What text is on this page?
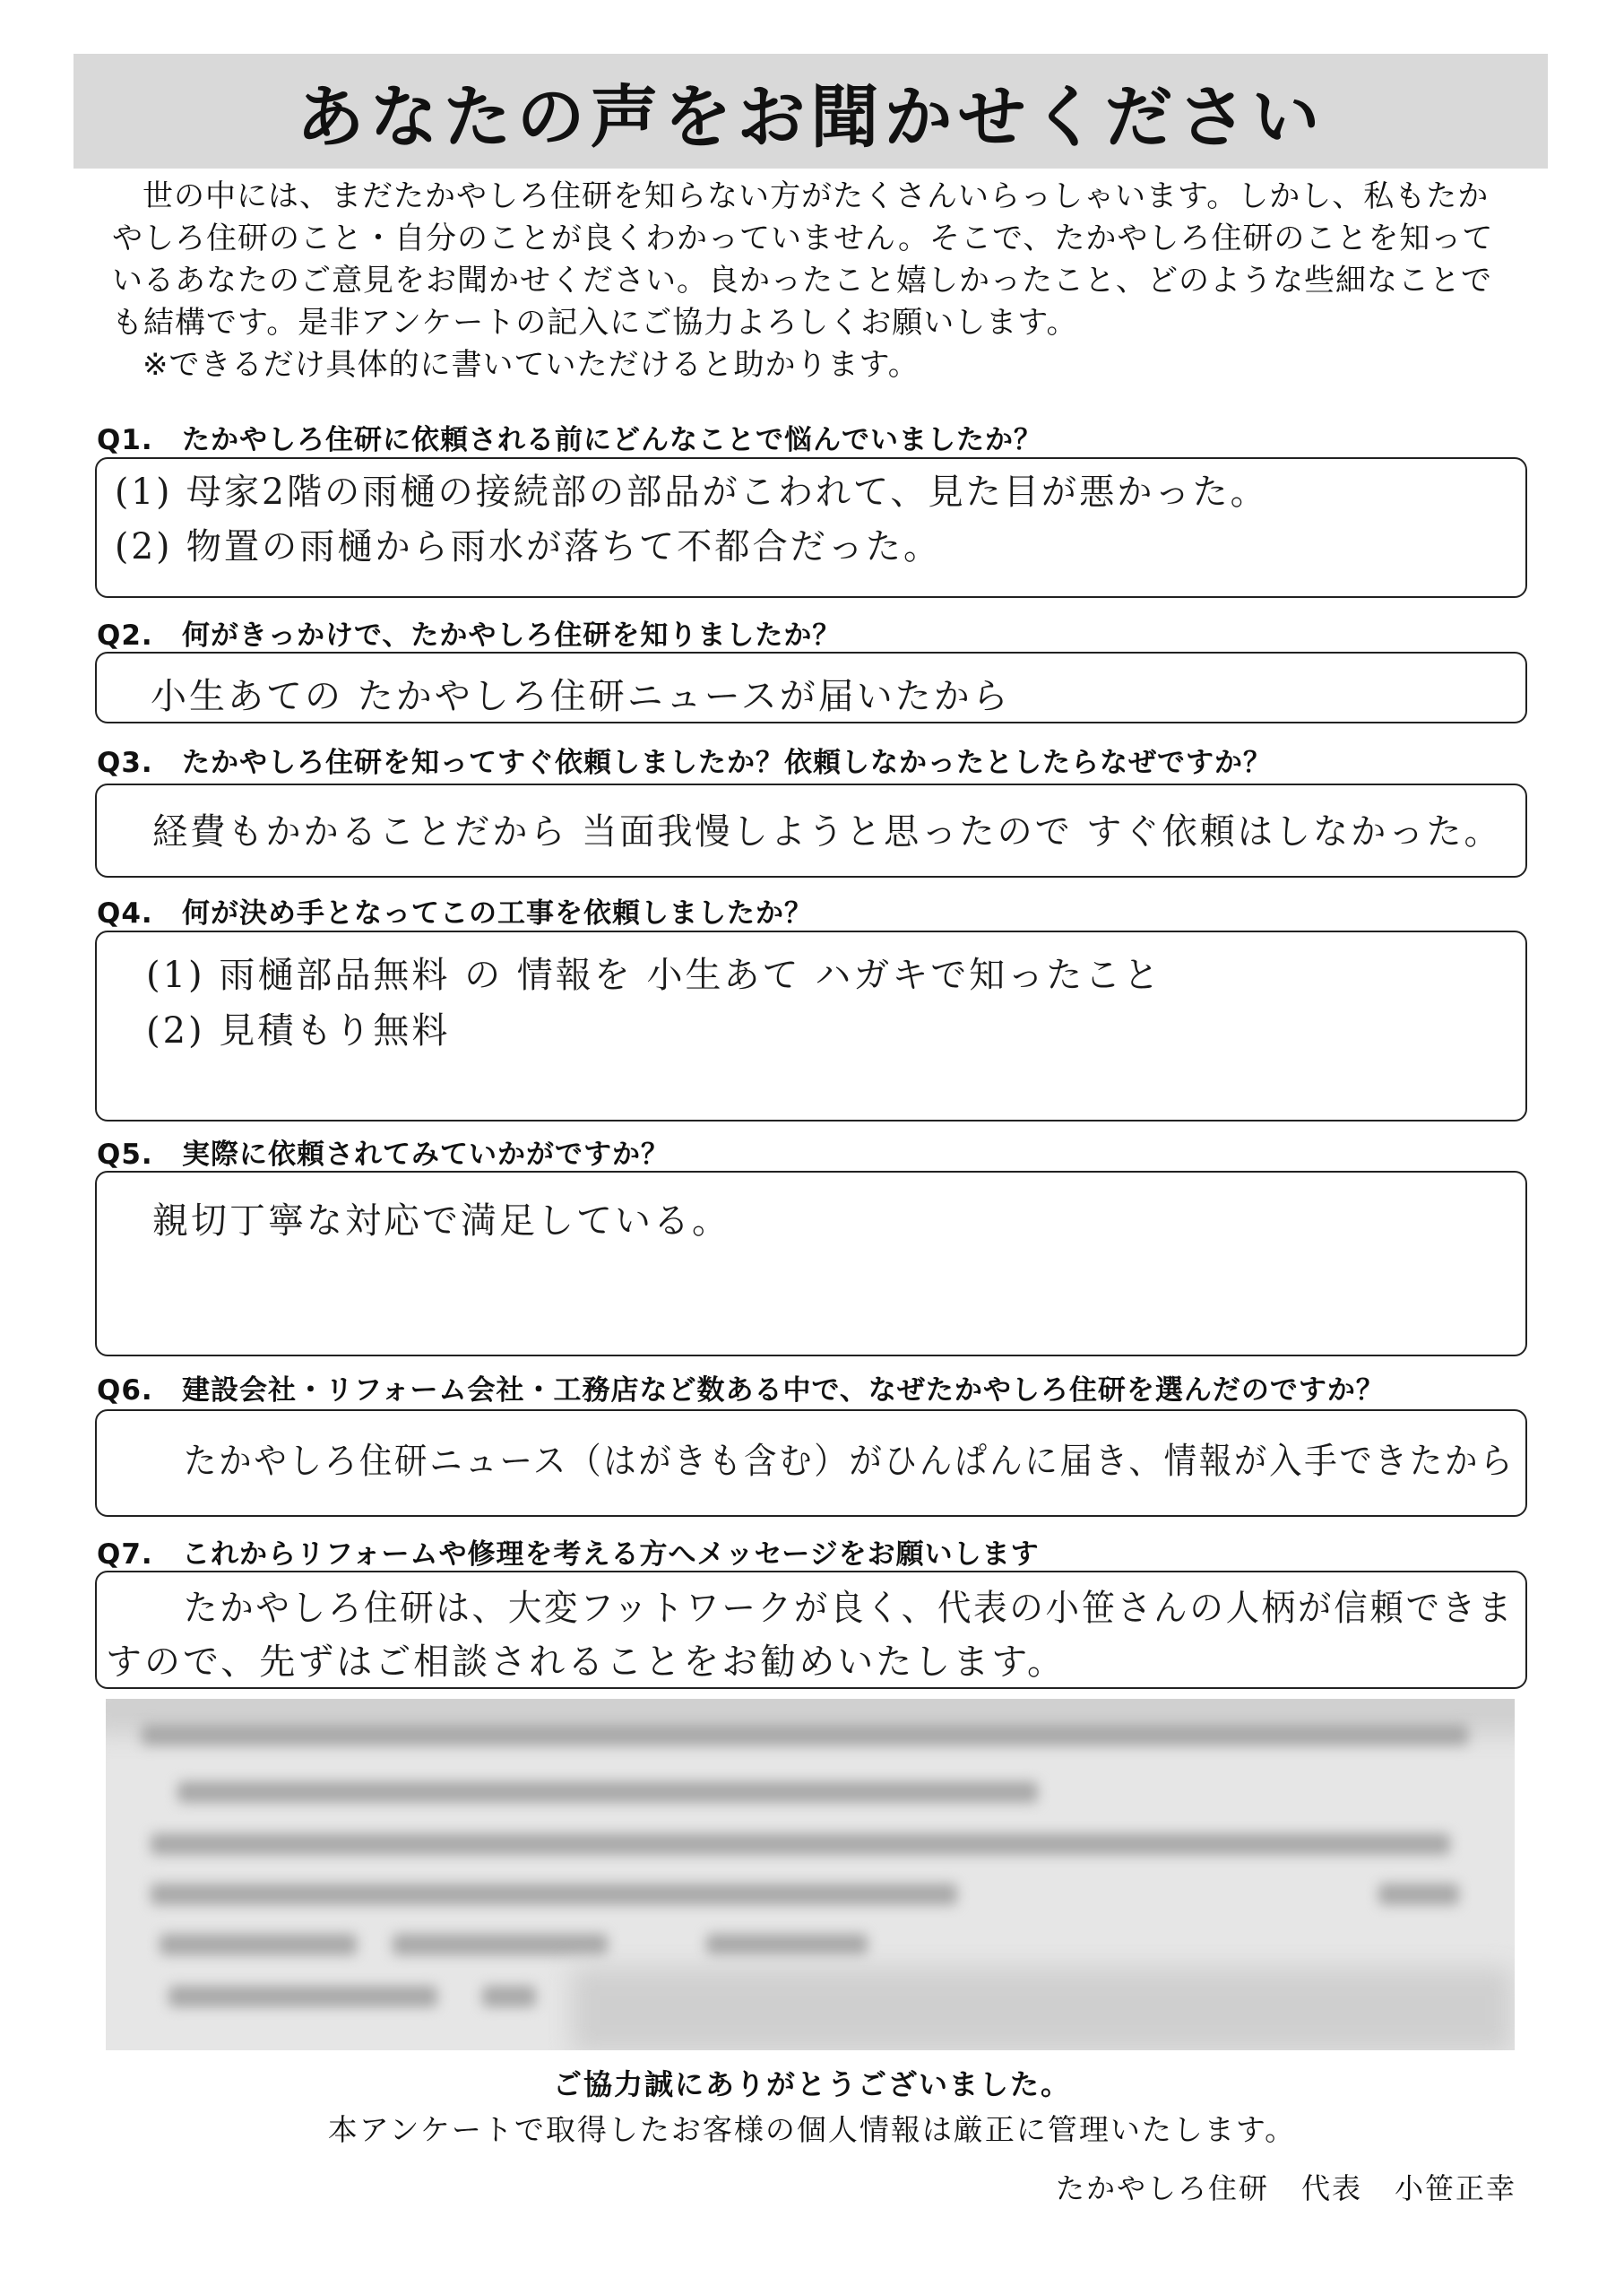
あなたの声をお聞かせください

世の中には、まだたかやしろ住研を知らない方がたくさんいらっしゃいます。しかし、私もたかやしろ住研のこと・自分のことが良くわかっていません。そこで、たかやしろ住研のことを知っているあなたのご意見をお聞かせください。良かったこと嬉しかったこと、どのような些細なことでも結構です。是非アンケートの記入にご協力よろしくお願いします。

※できるだけ具体的に書いていただけると助かります。

Q1. たかやしろ住研に依頼される前にどんなことで悩んでいましたか？
(1) 母家2階の雨樋の接続部の部品がこわれて、見た目が悪かった。
(2) 物置の雨樋から雨水が落ちて不都合だった。
Q2. 何がきっかけで、たかやしろ住研を知りましたか？
小生あての たかやしろ住研ニュースが届いたから
Q3. たかやしろ住研を知ってすぐ依頼しましたか？依頼しなかったとしたらなぜですか？
経費もかかることだから 当面我慢しようと思ったので すぐ依頼はしなかった。
Q4. 何が決め手となってこの工事を依頼しましたか？
(1) 雨樋部品無料 の 情報を 小生あて ハガキで知ったこと
(2) 見積もり無料
Q5. 実際に依頼されてみていかがですか？
親切丁寧な対応で満足している。
Q6. 建設会社・リフォーム会社・工務店など数ある中で、なぜたかやしろ住研を選んだのですか？
たかやしろ住研ニュース（はがきも含む）がひんぱんに届き、情報が入手できたから
Q7. これからリフォームや修理を考える方へメッセージをお願いします
たかやしろ住研は、大変フットワークが良く、代表の小笹さんの人柄が信頼できま
すので、先ずはご相談されることをお勧めいたします。
ご協力誠にありがとうございました。
本アンケートで取得したお客様の個人情報は厳正に管理いたします。
たかやしろ住研 代表 小笹正幸
